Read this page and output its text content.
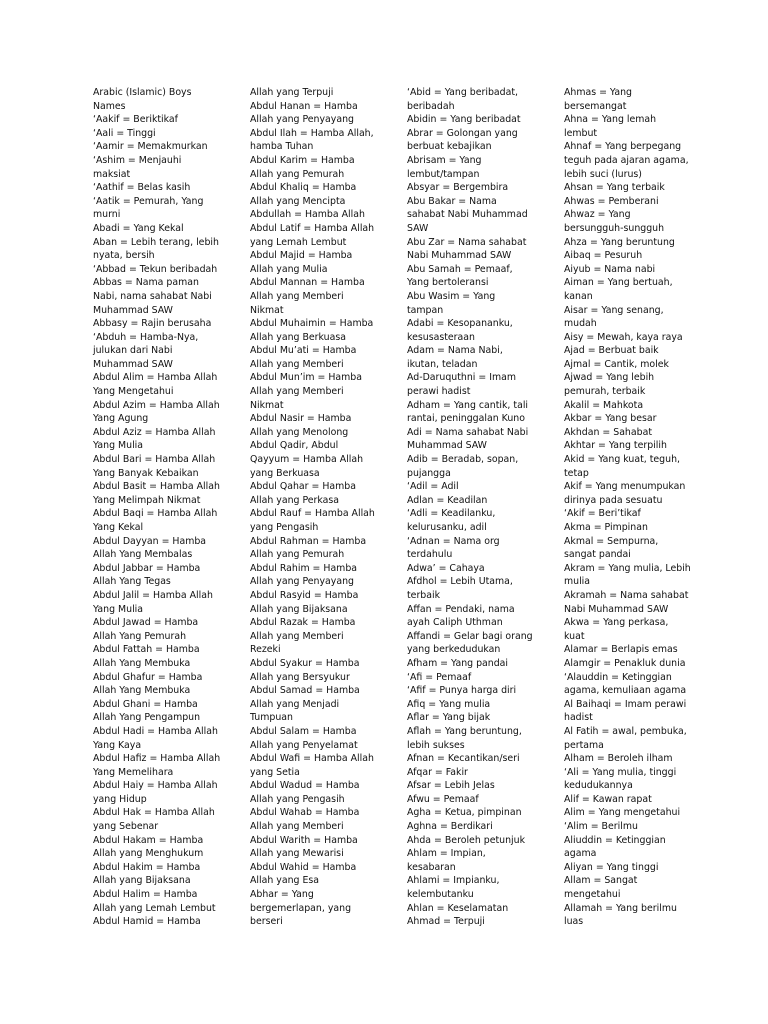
Arabic (Islamic) Boys
Names
‘Aakif = Beriktikaf
‘Aali = Tinggi
‘Aamir = Memakmurkan
‘Ashim = Menjauhi
maksiat
‘Aathif = Belas kasih
‘Aatik = Pemurah, Yang
murni
Abadi = Yang Kekal
Aban = Lebih terang, lebih
nyata, bersih
‘Abbad = Tekun beribadah
Abbas = Nama paman
Nabi, nama sahabat Nabi
Muhammad SAW
Abbasy = Rajin berusaha
‘Abduh = Hamba-Nya,
julukan dari Nabi
Muhammad SAW
Abdul Alim = Hamba Allah
Yang Mengetahui
Abdul Azim = Hamba Allah
Yang Agung
Abdul Aziz = Hamba Allah
Yang Mulia
Abdul Bari = Hamba Allah
Yang Banyak Kebaikan
Abdul Basit = Hamba Allah
Yang Melimpah Nikmat
Abdul Baqi = Hamba Allah
Yang Kekal
Abdul Dayyan = Hamba
Allah Yang Membalas
Abdul Jabbar = Hamba
Allah Yang Tegas
Abdul Jalil = Hamba Allah
Yang Mulia
Abdul Jawad = Hamba
Allah Yang Pemurah
Abdul Fattah = Hamba
Allah Yang Membuka
Abdul Ghafur = Hamba
Allah Yang Membuka
Abdul Ghani = Hamba
Allah Yang Pengampun
Abdul Hadi = Hamba Allah
Yang Kaya
Abdul Hafiz = Hamba Allah
Yang Memelihara
Abdul Haiy = Hamba Allah
yang Hidup
Abdul Hak = Hamba Allah
yang Sebenar
Abdul Hakam = Hamba
Allah yang Menghukum
Abdul Hakim = Hamba
Allah yang Bijaksana
Abdul Halim = Hamba
Allah yang Lemah Lembut
Abdul Hamid = Hamba
Allah yang Terpuji
Abdul Hanan = Hamba
Allah yang Penyayang
Abdul Ilah = Hamba Allah,
hamba Tuhan
Abdul Karim = Hamba
Allah yang Pemurah
Abdul Khaliq = Hamba
Allah yang Mencipta
Abdullah = Hamba Allah
Abdul Latif = Hamba Allah
yang Lemah Lembut
Abdul Majid = Hamba
Allah yang Mulia
Abdul Mannan = Hamba
Allah yang Memberi
Nikmat
Abdul Muhaimin = Hamba
Allah yang Berkuasa
Abdul Mu’ati = Hamba
Allah yang Memberi
Abdul Mun’im = Hamba
Allah yang Memberi
Nikmat
Abdul Nasir = Hamba
Allah yang Menolong
Abdul Qadir, Abdul
Qayyum = Hamba Allah
yang Berkuasa
Abdul Qahar = Hamba
Allah yang Perkasa
Abdul Rauf = Hamba Allah
yang Pengasih
Abdul Rahman = Hamba
Allah yang Pemurah
Abdul Rahim = Hamba
Allah yang Penyayang
Abdul Rasyid = Hamba
Allah yang Bijaksana
Abdul Razak = Hamba
Allah yang Memberi
Rezeki
Abdul Syakur = Hamba
Allah yang Bersyukur
Abdul Samad = Hamba
Allah yang Menjadi
Tumpuan
Abdul Salam = Hamba
Allah yang Penyelamat
Abdul Wafi = Hamba Allah
yang Setia
Abdul Wadud = Hamba
Allah yang Pengasih
Abdul Wahab = Hamba
Allah yang Memberi
Abdul Warith = Hamba
Allah yang Mewarisi
Abdul Wahid = Hamba
Allah yang Esa
Abhar = Yang
bergemerlapan, yang
berseri
‘Abid = Yang beribadat,
beribadah
Abidin = Yang beribadat
Abrar = Golongan yang
berbuat kebajikan
Abrisam = Yang
lembut/tampan
Absyar = Bergembira
Abu Bakar = Nama
sahabat Nabi Muhammad
SAW
Abu Zar = Nama sahabat
Nabi Muhammad SAW
Abu Samah = Pemaaf,
Yang bertoleransi
Abu Wasim = Yang
tampan
Adabi = Kesopananku,
kesusasteraan
Adam = Nama Nabi,
ikutan, teladan
Ad-Daruquthni = Imam
perawi hadist
Adham = Yang cantik, tali
rantai, peninggalan Kuno
Adi = Nama sahabat Nabi
Muhammad SAW
Adib = Beradab, sopan,
pujangga
‘Adil = Adil
Adlan = Keadilan
‘Adli = Keadilanku,
kelurusanku, adil
‘Adnan = Nama org
terdahulu
Adwa’ = Cahaya
Afdhol = Lebih Utama,
terbaik
Affan = Pendaki, nama
ayah Caliph Uthman
Affandi = Gelar bagi orang
yang berkedudukan
Afham = Yang pandai
‘Afi = Pemaaf
‘Afif = Punya harga diri
Afiq = Yang mulia
Aflar = Yang bijak
Aflah = Yang beruntung,
lebih sukses
Afnan = Kecantikan/seri
Afqar = Fakir
Afsar = Lebih Jelas
Afwu = Pemaaf
Agha = Ketua, pimpinan
Aghna = Berdikari
Ahda = Beroleh petunjuk
Ahlam = Impian,
kesabaran
Ahlami = Impianku,
kelembutanku
Ahlan = Keselamatan
Ahmad = Terpuji
Ahmas = Yang
bersemangat
Ahna = Yang lemah
lembut
Ahnaf = Yang berpegang
teguh pada ajaran agama,
lebih suci (lurus)
Ahsan = Yang terbaik
Ahwas = Pemberani
Ahwaz = Yang
bersungguh-sungguh
Ahza = Yang beruntung
Aibaq = Pesuruh
Aiyub = Nama nabi
Aiman = Yang bertuah,
kanan
Aisar = Yang senang,
mudah
Aisy = Mewah, kaya raya
Ajad = Berbuat baik
Ajmal = Cantik, molek
Ajwad = Yang lebih
pemurah, terbaik
Akalil = Mahkota
Akbar = Yang besar
Akhdan = Sahabat
Akhtar = Yang terpilih
Akid = Yang kuat, teguh,
tetap
Akif = Yang menumpukan
dirinya pada sesuatu
‘Akif = Beri’tikaf
Akma = Pimpinan
Akmal = Sempurna,
sangat pandai
Akram = Yang mulia, Lebih
mulia
Akramah = Nama sahabat
Nabi Muhammad SAW
Akwa = Yang perkasa,
kuat
Alamar = Berlapis emas
Alamgir = Penakluk dunia
‘Alauddin = Ketinggian
agama, kemuliaan agama
Al Baihaqi = Imam perawi
hadist
Al Fatih = awal, pembuka,
pertama
Alham = Beroleh ilham
‘Ali = Yang mulia, tinggi
kedudukannya
Alif = Kawan rapat
Alim = Yang mengetahui
‘Alim = Berilmu
Aliuddin = Ketinggian
agama
Aliyan = Yang tinggi
Allam = Sangat
mengetahui
Allamah = Yang berilmu
luas
